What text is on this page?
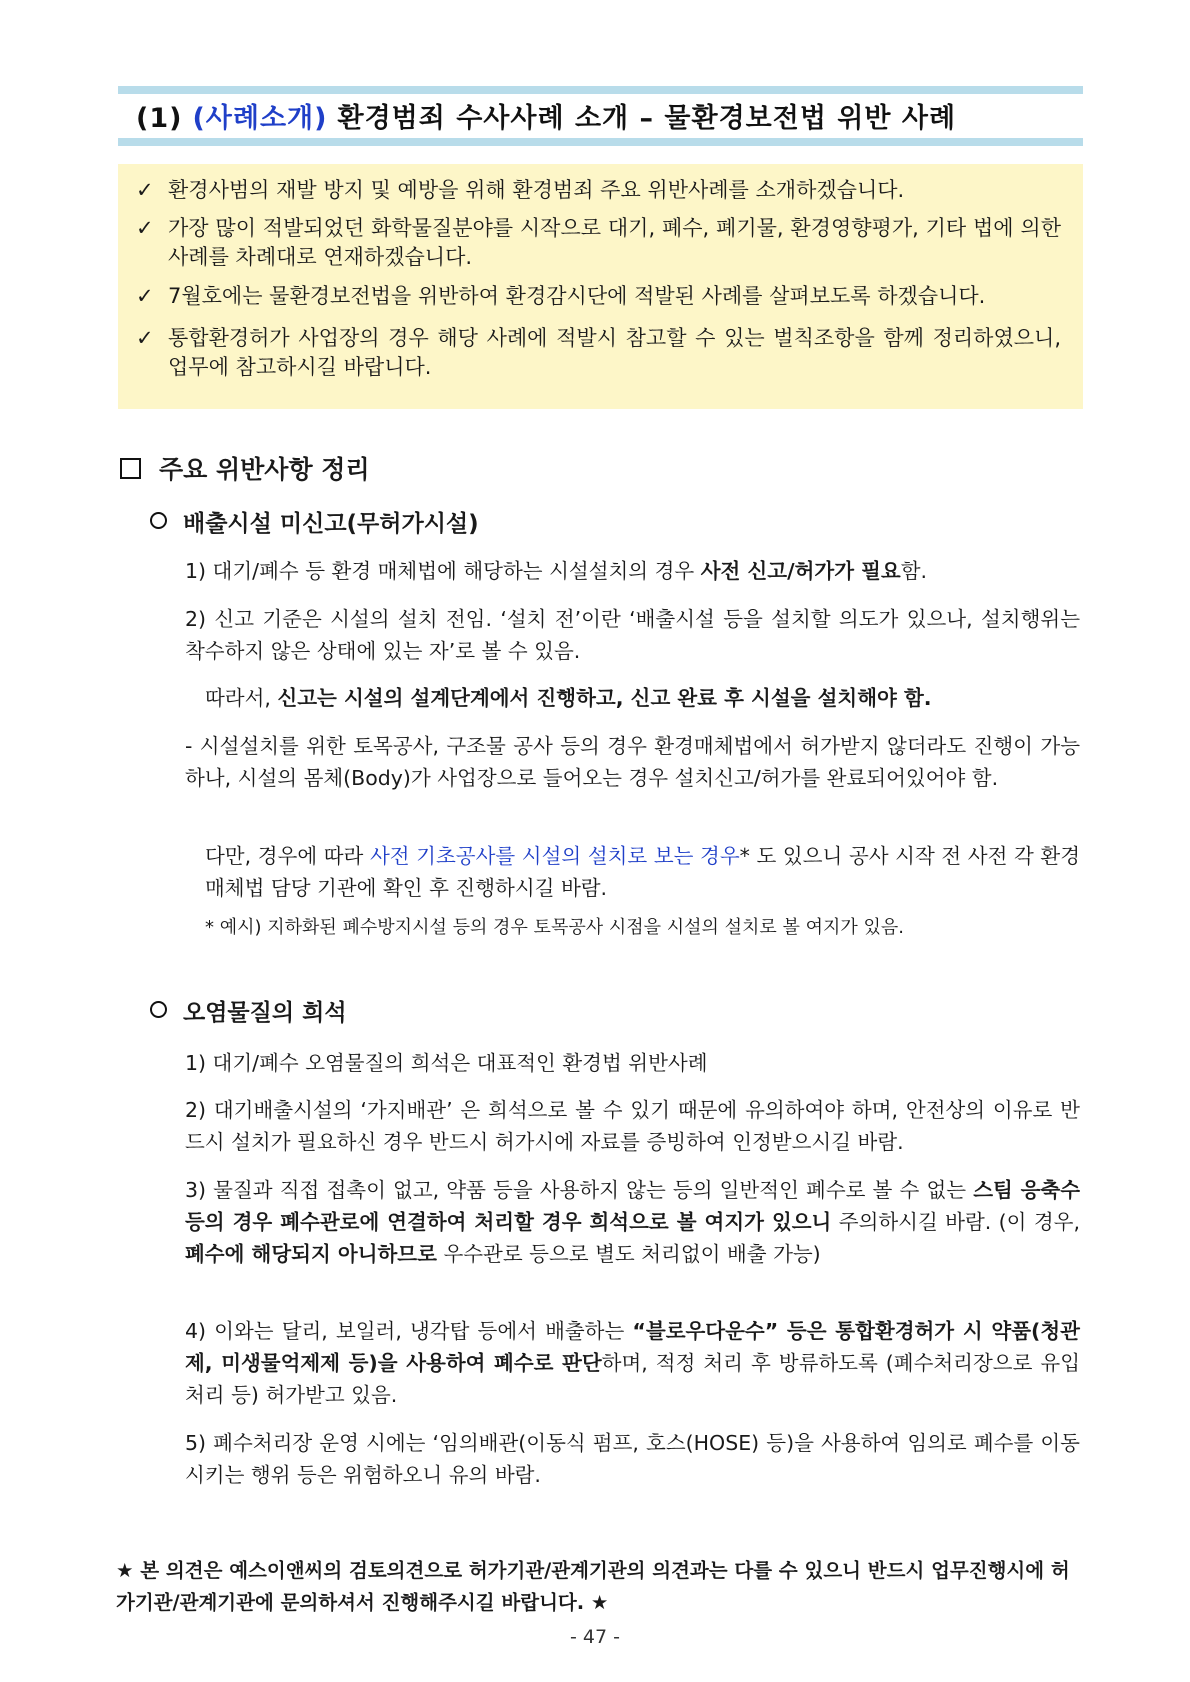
(1) (사례소개) 환경범죄 수사사례 소개 – 물환경보전법 위반 사례
✓ 환경사범의 재발 방지 및 예방을 위해 환경범죄 주요 위반사례를 소개하겠습니다.
✓ 가장 많이 적발되었던 화학물질분야를 시작으로 대기, 폐수, 폐기물, 환경영향평가, 기타 법에 의한 사례를 차례대로 연재하겠습니다.
✓ 7월호에는 물환경보전법을 위반하여 환경감시단에 적발된 사례를 살펴보도록 하겠습니다.
✓ 통합환경허가 사업장의 경우 해당 사례에 적발시 참고할 수 있는 벌칙조항을 함께 정리하였으니, 업무에 참고하시길 바랍니다.
주요 위반사항 정리
배출시설 미신고(무허가시설)
1) 대기/폐수 등 환경 매체법에 해당하는 시설설치의 경우 사전 신고/허가가 필요함.
2) 신고 기준은 시설의 설치 전임. ‘설치 전’이란 ‘배출시설 등을 설치할 의도가 있으나, 설치행위는 착수하지 않은 상태에 있는 자’로 볼 수 있음.
따라서, 신고는 시설의 설계단계에서 진행하고, 신고 완료 후 시설을 설치해야 함.
- 시설설치를 위한 토목공사, 구조물 공사 등의 경우 환경매체법에서 허가받지 않더라도 진행이 가능하나, 시설의 몸체(Body)가 사업장으로 들어오는 경우 설치신고/허가를 완료되어있어야 함.
다만, 경우에 따라 사전 기초공사를 시설의 설치로 보는 경우* 도 있으니 공사 시작 전 사전 각 환경 매체법 담당 기관에 확인 후 진행하시길 바람.
* 예시) 지하화된 폐수방지시설 등의 경우 토목공사 시점을 시설의 설치로 볼 여지가 있음.
오염물질의 희석
1) 대기/폐수 오염물질의 희석은 대표적인 환경법 위반사례
2) 대기배출시설의 ‘가지배관’ 은 희석으로 볼 수 있기 때문에 유의하여야 하며, 안전상의 이유로 반드시 설치가 필요하신 경우 반드시 허가시에 자료를 증빙하여 인정받으시길 바람.
3) 물질과 직접 접촉이 없고, 약품 등을 사용하지 않는 등의 일반적인 폐수로 볼 수 없는 스팀 응축수 등의 경우 폐수관로에 연결하여 처리할 경우 희석으로 볼 여지가 있으니 주의하시길 바람. (이 경우, 폐수에 해당되지 아니하므로 우수관로 등으로 별도 처리없이 배출 가능)
4) 이와는 달리, 보일러, 냉각탑 등에서 배출하는 “블로우다운수” 등은 통합환경허가 시 약품(청관제, 미생물억제제 등)을 사용하여 폐수로 판단하며, 적정 처리 후 방류하도록 (폐수처리장으로 유입 처리 등) 허가받고 있음.
5) 폐수처리장 운영 시에는 ‘임의배관(이동식 펌프, 호스(HOSE) 등)을 사용하여 임의로 폐수를 이동시키는 행위 등은 위험하오니 유의 바람.
★ 본 의견은 예스이앤씨의 검토의견으로 허가기관/관계기관의 의견과는 다를 수 있으니 반드시 업무진행시에 허가기관/관계기관에 문의하셔서 진행해주시길 바랍니다. ★
- 47 -
